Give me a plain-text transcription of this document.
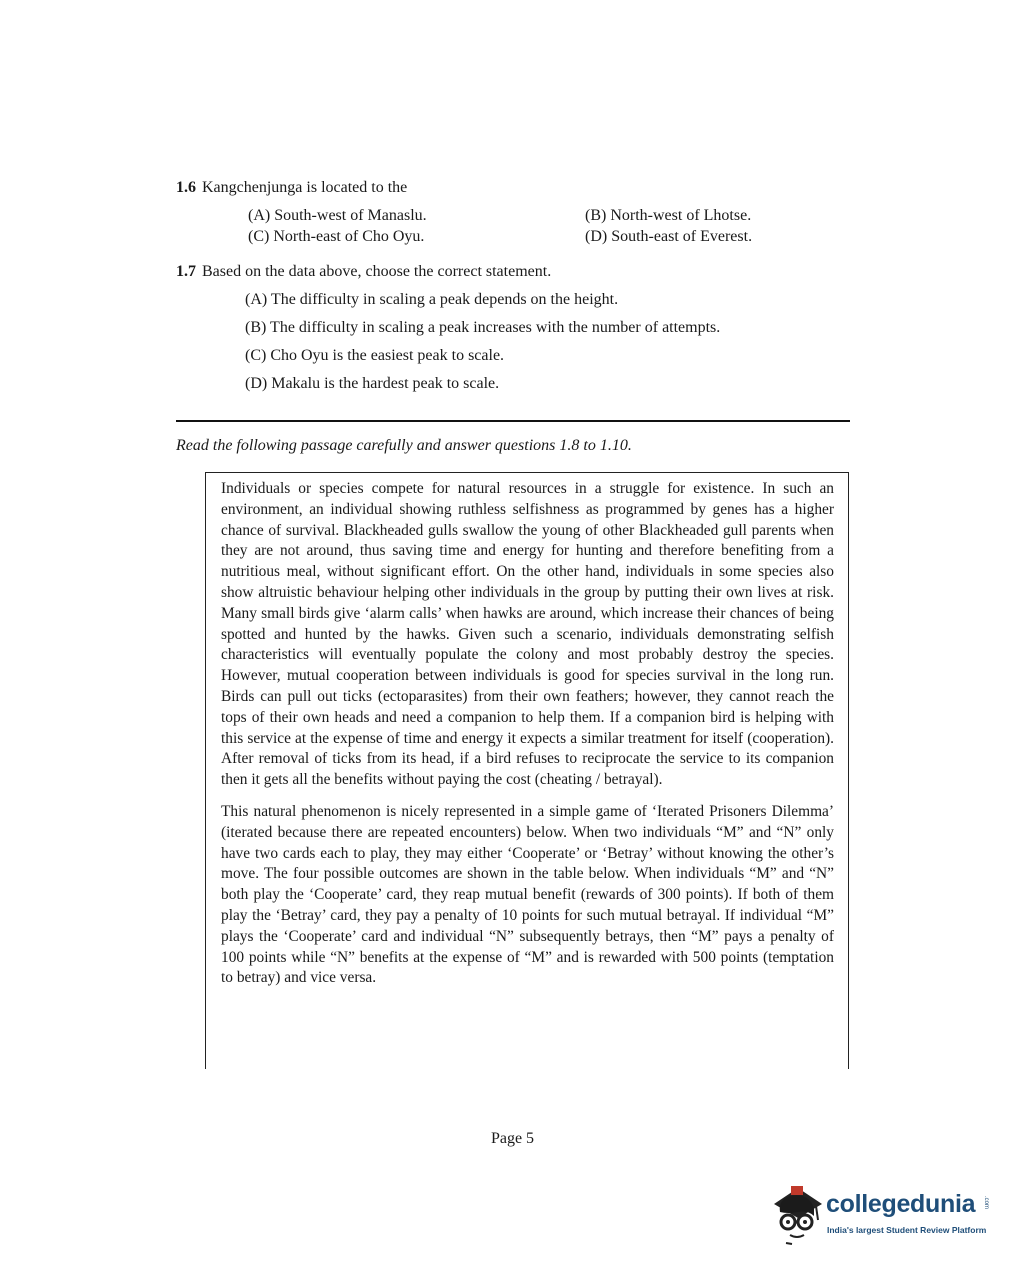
1.6 Kangchenjunga is located to the
(A) South-west of Manaslu.	(B) North-west of Lhotse.
(C) North-east of Cho Oyu.	(D) South-east of Everest.
1.7 Based on the data above, choose the correct statement.
(A) The difficulty in scaling a peak depends on the height.
(B) The difficulty in scaling a peak increases with the number of attempts.
(C) Cho Oyu is the easiest peak to scale.
(D) Makalu is the hardest peak to scale.
Read the following passage carefully and answer questions 1.8 to 1.10.

Individuals or species compete for natural resources in a struggle for existence. In such an environment, an individual showing ruthless selfishness as programmed by genes has a higher chance of survival. Blackheaded gulls swallow the young of other Blackheaded gull parents when they are not around, thus saving time and energy for hunting and therefore benefiting from a nutritious meal, without significant effort. On the other hand, individuals in some species also show altruistic behaviour helping other individuals in the group by putting their own lives at risk. Many small birds give ‘alarm calls’ when hawks are around, which increase their chances of being spotted and hunted by the hawks. Given such a scenario, individuals demonstrating selfish characteristics will eventually populate the colony and most probably destroy the species. However, mutual cooperation between individuals is good for species survival in the long run. Birds can pull out ticks (ectoparasites) from their own feathers; however, they cannot reach the tops of their own heads and need a companion to help them. If a companion bird is helping with this service at the expense of time and energy it expects a similar treatment for itself (cooperation). After removal of ticks from its head, if a bird refuses to reciprocate the service to its companion then it gets all the benefits without paying the cost (cheating / betrayal).

This natural phenomenon is nicely represented in a simple game of ‘Iterated Prisoners Dilemma’ (iterated because there are repeated encounters) below. When two individuals “M” and “N” only have two cards each to play, they may either ‘Cooperate’ or ‘Betray’ without knowing the other’s move. The four possible outcomes are shown in the table below. When individuals “M” and “N” both play the ‘Cooperate’ card, they reap mutual benefit (rewards of 300 points). If both of them play the ‘Betray’ card, they pay a penalty of 10 points for such mutual betrayal. If individual “M” plays the ‘Cooperate’ card and individual “N” subsequently betrays, then “M” pays a penalty of 100 points while “N” benefits at the expense of “M” and is rewarded with 500 points (temptation to betray) and vice versa.

Page 5
collegedunia .com
India's largest Student Review Platform
